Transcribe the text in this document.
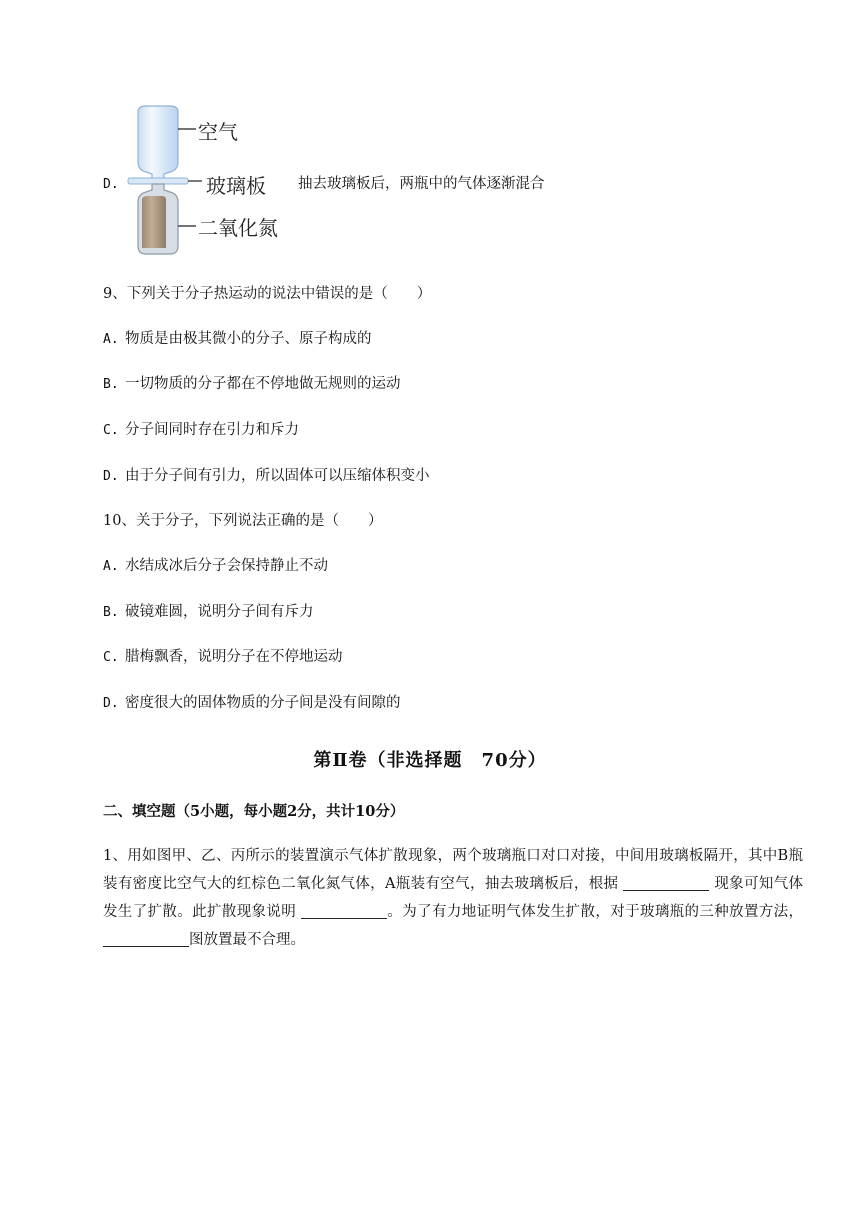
D.
空气
玻璃板
二氧化氮
抽去玻璃板后，两瓶中的气体逐渐混合
9、下列关于分子热运动的说法中错误的是（　　）
A. 物质是由极其微小的分子、原子构成的
B. 一切物质的分子都在不停地做无规则的运动
C. 分子间同时存在引力和斥力
D. 由于分子间有引力，所以固体可以压缩体积变小
10、关于分子，下列说法正确的是（　　）
A. 水结成冰后分子会保持静止不动
B. 破镜难圆，说明分子间有斥力
C. 腊梅飘香，说明分子在不停地运动
D. 密度很大的固体物质的分子间是没有间隙的
第Ⅱ卷（非选择题　70分）
二、填空题（5小题，每小题2分，共计10分）
1、用如图甲、乙、丙所示的装置演示气体扩散现象，两个玻璃瓶口对口对接，中间用玻璃板隔开，其中B瓶装有密度比空气大的红棕色二氧化氮气体，A瓶装有空气，抽去玻璃板后，根据	现象可知气体发生了扩散。此扩散现象说明	。为了有力地证明气体发生扩散，对于玻璃瓶的三种放置方法，图放置最不合理。
